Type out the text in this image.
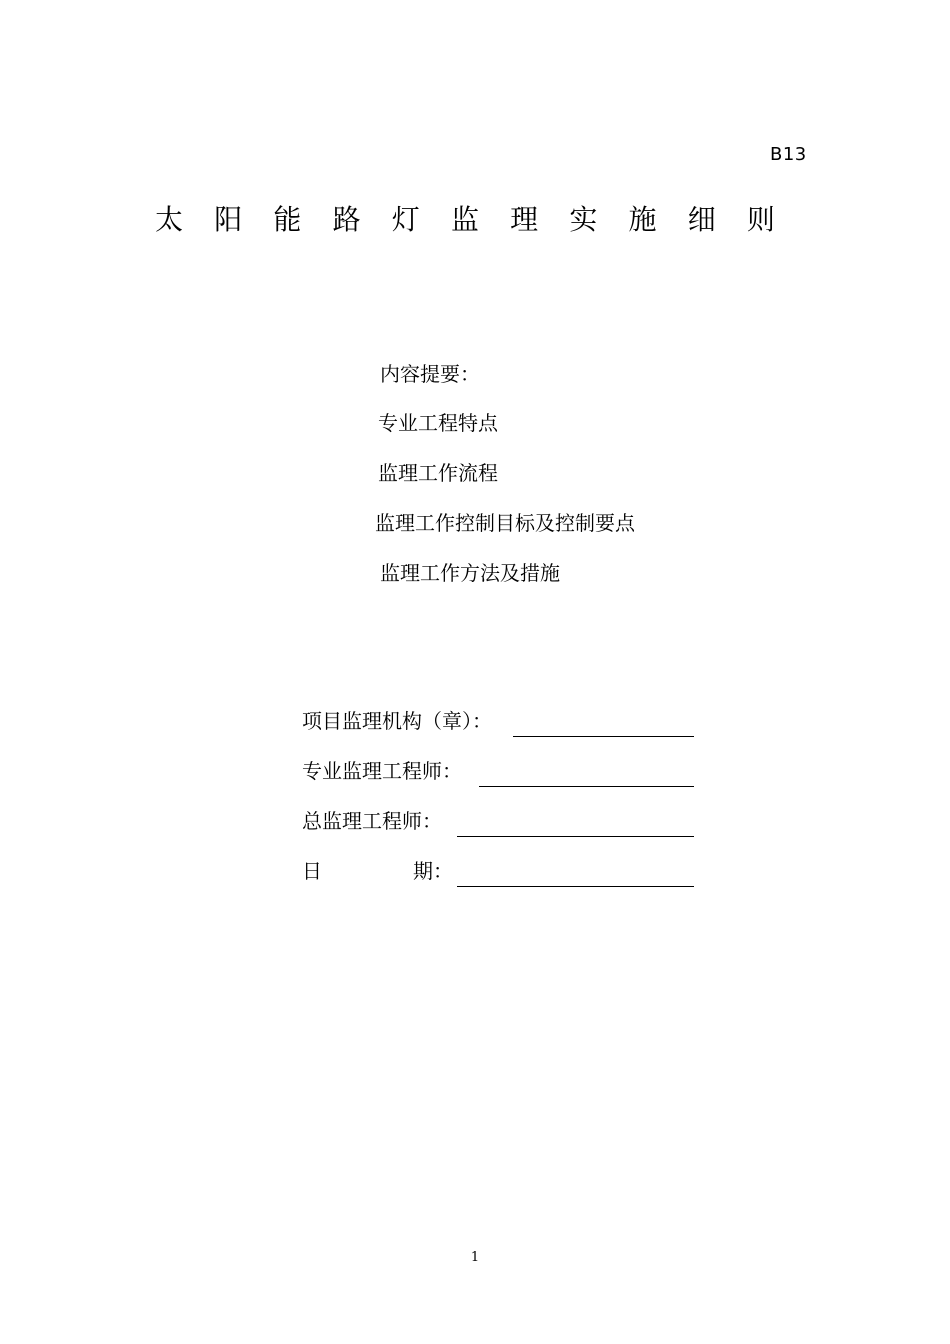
B13
太 阳 能 路 灯 监 理 实 施 细 则
内容提要：
专业工程特点
监理工作流程
监理工作控制目标及控制要点
监理工作方法及措施
项目监理机构（章）：
专业监理工程师：
总监理工程师：
日	期：
1
